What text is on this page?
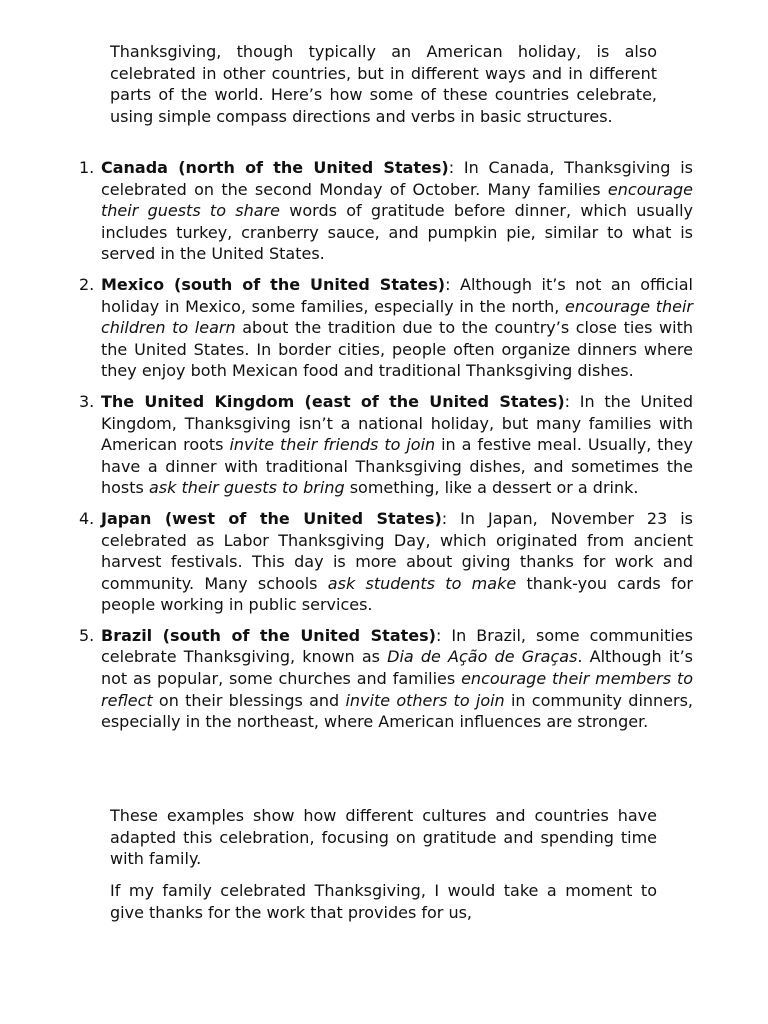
Thanksgiving, though typically an American holiday, is also celebrated in other countries, but in different ways and in different parts of the world. Here’s how some of these countries celebrate, using simple compass directions and verbs in basic structures.

1. Canada (north of the United States): In Canada, Thanksgiving is celebrated on the second Monday of October. Many families encourage their guests to share words of gratitude before dinner, which usually includes turkey, cranberry sauce, and pumpkin pie, similar to what is served in the United States.
2. Mexico (south of the United States): Although it’s not an official holiday in Mexico, some families, especially in the north, encourage their children to learn about the tradition due to the country’s close ties with the United States. In border cities, people often organize dinners where they enjoy both Mexican food and traditional Thanksgiving dishes.
3. The United Kingdom (east of the United States): In the United Kingdom, Thanksgiving isn’t a national holiday, but many families with American roots invite their friends to join in a festive meal. Usually, they have a dinner with traditional Thanksgiving dishes, and sometimes the hosts ask their guests to bring something, like a dessert or a drink.
4. Japan (west of the United States): In Japan, November 23 is celebrated as Labor Thanksgiving Day, which originated from ancient harvest festivals. This day is more about giving thanks for work and community. Many schools ask students to make thank-you cards for people working in public services.
5. Brazil (south of the United States): In Brazil, some communities celebrate Thanksgiving, known as Dia de Ação de Graças. Although it’s not as popular, some churches and families encourage their members to reflect on their blessings and invite others to join in community dinners, especially in the northeast, where American influences are stronger.

These examples show how different cultures and countries have adapted this celebration, focusing on gratitude and spending time with family.

If my family celebrated Thanksgiving, I would take a moment to give thanks for the work that provides for us,
